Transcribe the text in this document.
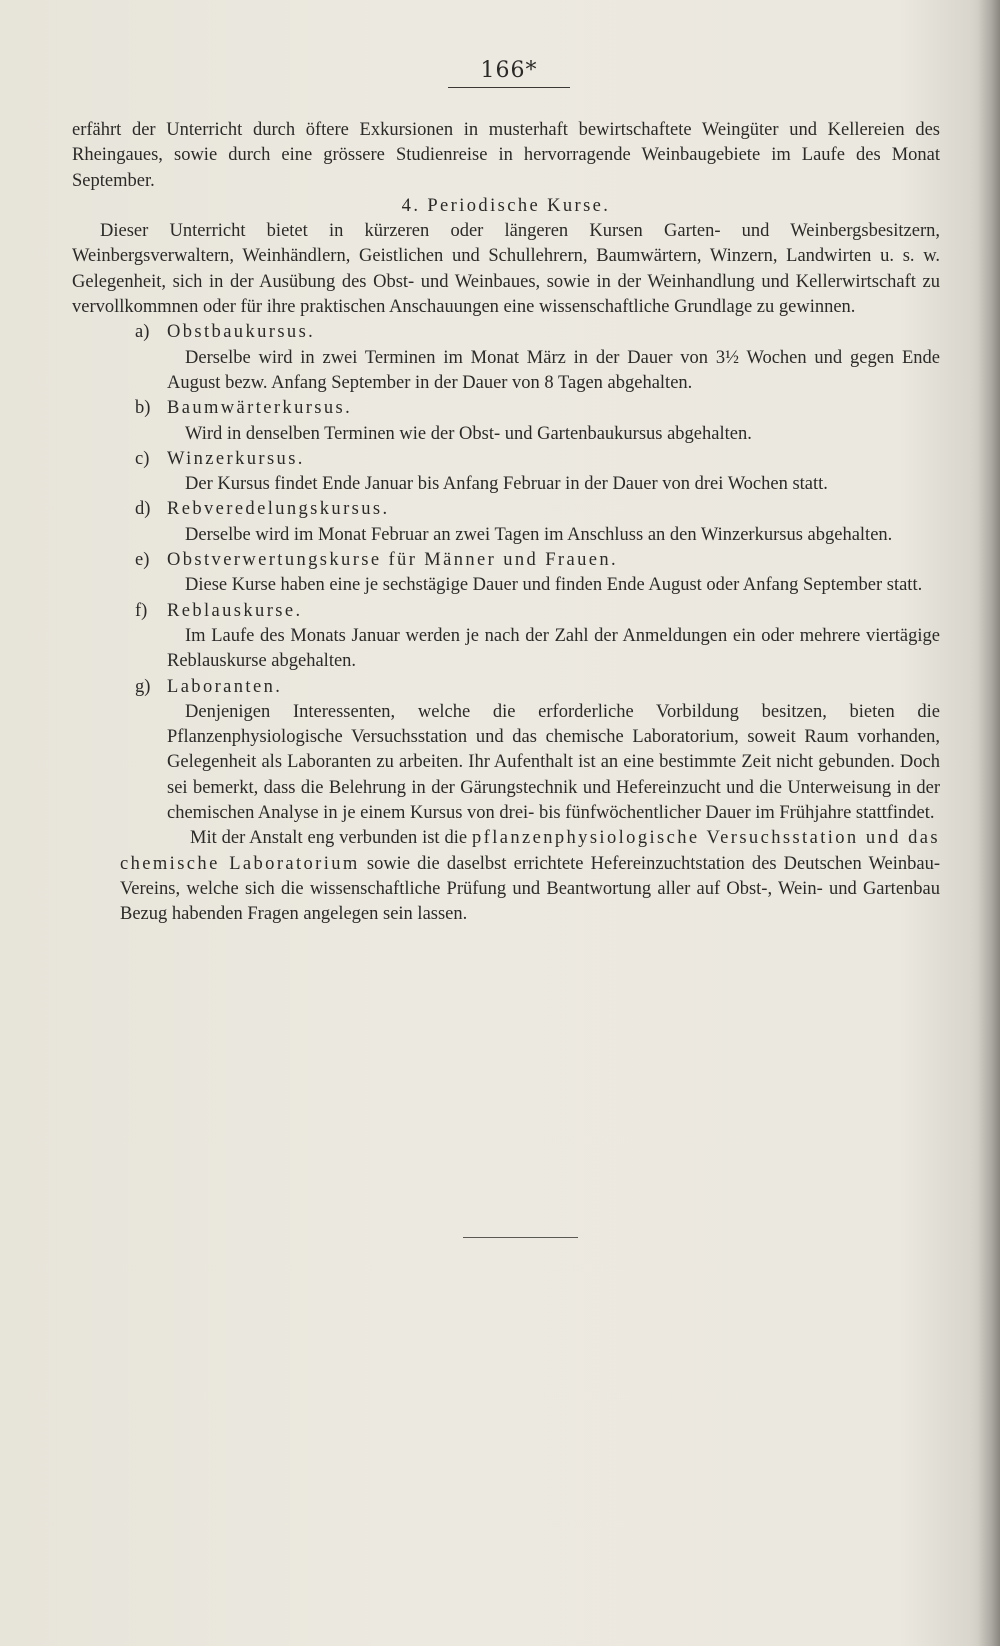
166*

erfährt der Unterricht durch öftere Exkursionen in musterhaft bewirtschaftete Weingüter und Kellereien des Rheingaues, sowie durch eine grössere Studienreise in hervorragende Weinbaugebiete im Laufe des Monat September.

4. Periodische Kurse.

Dieser Unterricht bietet in kürzeren oder längeren Kursen Garten- und Weinbergsbesitzern, Weinbergsverwaltern, Weinhändlern, Geistlichen und Schullehrern, Baumwärtern, Winzern, Landwirten u. s. w. Gelegenheit, sich in der Ausübung des Obst- und Weinbaues, sowie in der Weinhandlung und Kellerwirtschaft zu vervollkommnen oder für ihre praktischen Anschauungen eine wissenschaftliche Grundlage zu gewinnen.

a) Obstbaukursus.

Derselbe wird in zwei Terminen im Monat März in der Dauer von 3½ Wochen und gegen Ende August bezw. Anfang September in der Dauer von 8 Tagen abgehalten.

b) Baumwärterkursus.

Wird in denselben Terminen wie der Obst- und Gartenbaukursus abgehalten.

c) Winzerkursus.

Der Kursus findet Ende Januar bis Anfang Februar in der Dauer von drei Wochen statt.

d) Rebveredelungskursus.

Derselbe wird im Monat Februar an zwei Tagen im Anschluss an den Winzerkursus abgehalten.

e) Obstverwertungskurse für Männer und Frauen.

Diese Kurse haben eine je sechstägige Dauer und finden Ende August oder Anfang September statt.

f) Reblauskurse.

Im Laufe des Monats Januar werden je nach der Zahl der Anmeldungen ein oder mehrere viertägige Reblauskurse abgehalten.

g) Laboranten.

Denjenigen Interessenten, welche die erforderliche Vorbildung besitzen, bieten die Pflanzenphysiologische Versuchsstation und das chemische Laboratorium, soweit Raum vorhanden, Gelegenheit als Laboranten zu arbeiten. Ihr Aufenthalt ist an eine bestimmte Zeit nicht gebunden. Doch sei bemerkt, dass die Belehrung in der Gärungstechnik und Hefereinzucht und die Unterweisung in der chemischen Analyse in je einem Kursus von drei- bis fünfwöchentlicher Dauer im Frühjahre stattfindet.

Mit der Anstalt eng verbunden ist die pflanzenphysiologische Versuchsstation und das chemische Laboratorium sowie die daselbst errichtete Hefereinzuchtstation des Deutschen Weinbau-Vereins, welche sich die wissenschaftliche Prüfung und Beantwortung aller auf Obst-, Wein- und Gartenbau Bezug habenden Fragen angelegen sein lassen.
